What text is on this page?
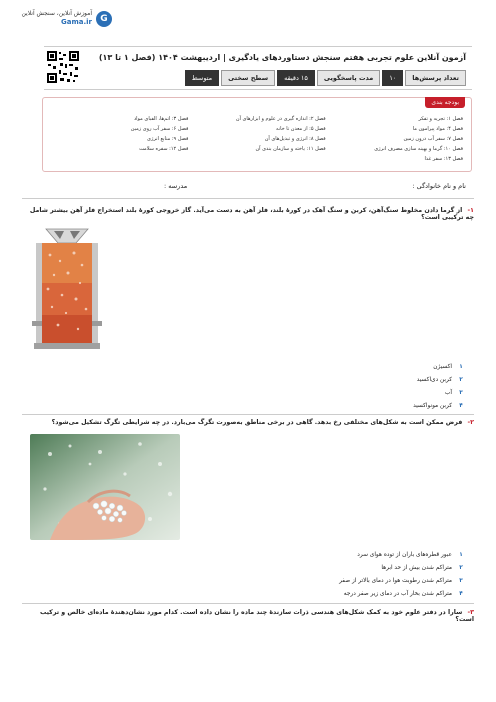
آموزش آنلاین، سنجش آنلاین
Gama.ir G
آزمون آنلاین علوم تجربی هفتم سنجش دستاوردهای یادگیری | اردیبهشت ۱۴۰۴ (فصل ۱ تا ۱۳)
تعداد پرسش‌ها
۱۰
مدت پاسخگویی
۱۵ دقیقه
سطح سختی
متوسط
بودجه بندی
فصل ۱: تجربه و تفکر
فصل ۲: اندازه گیری در علوم و ابزارهای آن
فصل ۳: اتم‌ها، الفبای مواد
فصل ۴: مواد پیرامون ما
فصل ۵: از معدن تا خانه
فصل ۶: سفر آب روی زمین
فصل ۷: سفر آب درون زمین
فصل ۸: انرژی و تبدیل‌های آن
فصل ۹: منابع انرژی
فصل ۱۰: گرما و بهینه سازی مصرف انرژی
فصل ۱۱: یاخته و سازمان بندی آن
فصل ۱۲: سفره سلامت
فصل ۱۳: سفر غذا
نام و نام خانوادگی :
مدرسه :
۱- از گرما دادن مخلوط سنگ‌آهن، کربن و سنگ آهک در کورهٔ بلند، فلز آهن به دست می‌آید. گاز خروجی کورهٔ بلند استخراج فلز آهن بیشتر شامل چه ترکیبی است؟
۱
اکسیژن
۲
کربن دی‌اکسید
۳
آب
۴
کربن مونواکسید
۲- فرض ممکن است به شکل‌های مختلفی رخ بدهد. گاهی در برخی مناطق به‌صورت تگرگ می‌بارد. در چه شرایطی تگرگ تشکیل می‌شود؟
۱
عبور قطره‌های باران از توده هوای سرد
۲
متراکم شدن بیش از حد ابرها
۳
متراکم شدن رطوبت هوا در دمای بالاتر از صفر
۴
متراکم شدن بخار آب در دمای زیر صفر درجه
۳- سارا در دفتر علوم خود به کمک شکل‌های هندسی ذرات سازندهٔ چند ماده را نشان داده است. کدام مورد نشان‌دهندهٔ ماده‌ای خالص و ترکیب است؟
